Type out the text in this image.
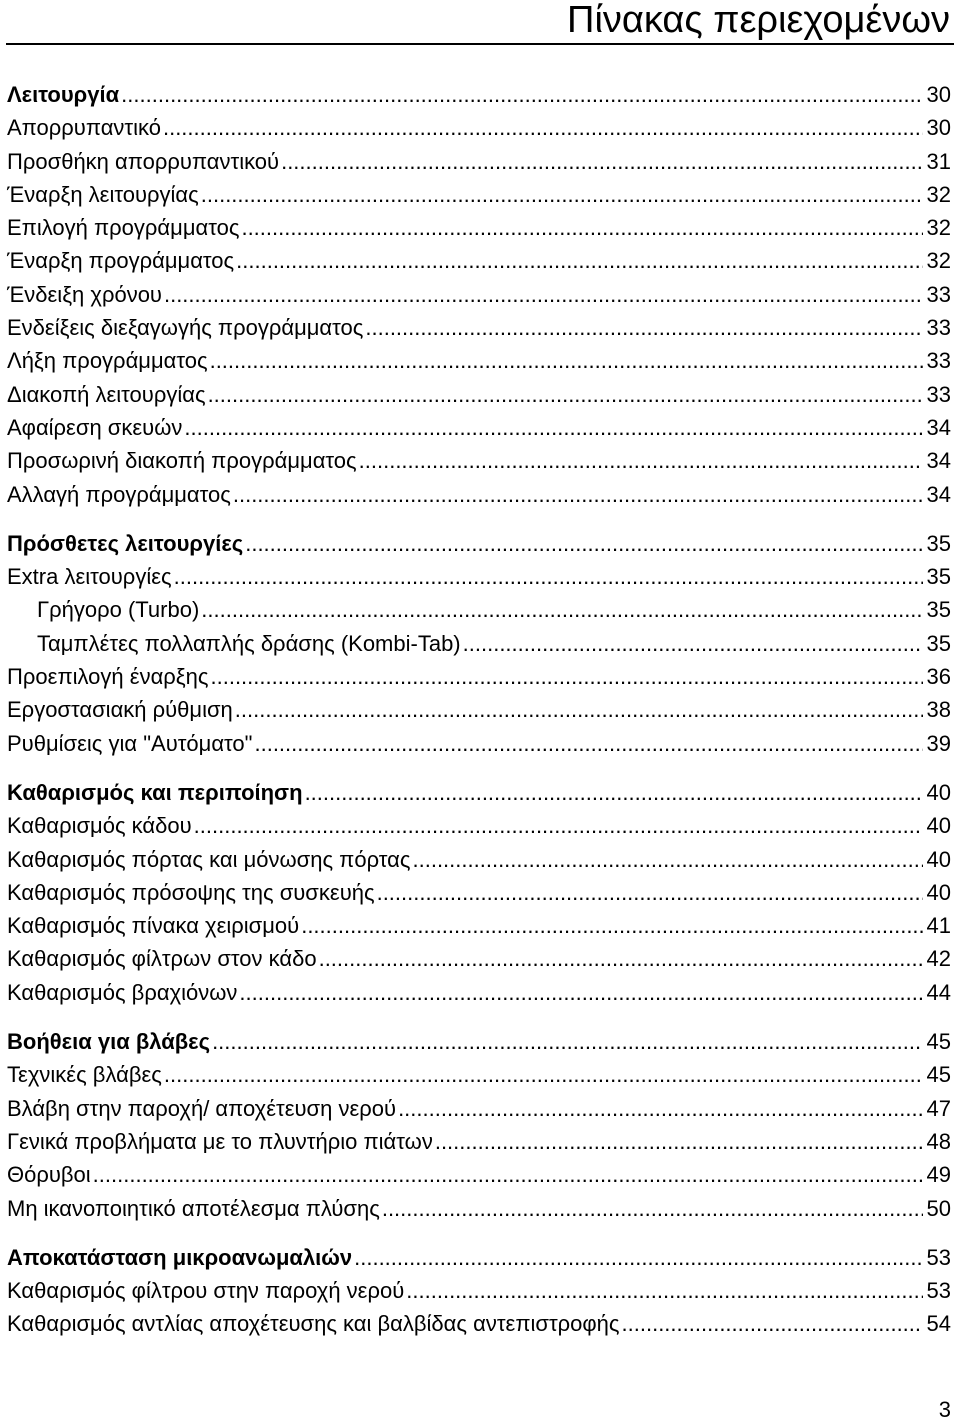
Πίνακας περιεχομένων
Λειτουργία .....	30
Απορρυπαντικό .....	30
Προσθήκη απορρυπαντικού .....	31
Έναρξη λειτουργίας .....	32
Επιλογή προγράμματος .....	32
Έναρξη προγράμματος .....	32
Ένδειξη χρόνου .....	33
Ενδείξεις διεξαγωγής προγράμματος .....	33
Λήξη προγράμματος .....	33
Διακοπή λειτουργίας .....	33
Αφαίρεση σκευών .....	34
Προσωρινή διακοπή προγράμματος .....	34
Αλλαγή προγράμματος .....	34
Πρόσθετες λειτουργίες .....	35
Extra λειτουργίες .....	35
Γρήγορο (Turbo) .....	35
Ταμπλέτες πολλαπλής δράσης (Kombi-Tab) .....	35
Προεπιλογή έναρξης .....	36
Εργοστασιακή ρύθμιση .....	38
Ρυθμίσεις για "Αυτόματο" .....	39
Καθαρισμός και περιποίηση .....	40
Καθαρισμός κάδου .....	40
Καθαρισμός πόρτας και μόνωσης πόρτας .....	40
Καθαρισμός πρόσοψης της συσκευής .....	40
Καθαρισμός πίνακα χειρισμού .....	41
Καθαρισμός φίλτρων στον κάδο .....	42
Καθαρισμός βραχιόνων .....	44
Βοήθεια για βλάβες .....	45
Τεχνικές βλάβες .....	45
Βλάβη στην παροχή/ αποχέτευση νερού .....	47
Γενικά προβλήματα με το πλυντήριο πιάτων .....	48
Θόρυβοι .....	49
Μη ικανοποιητικό αποτέλεσμα πλύσης .....	50
Αποκατάσταση μικροανωμαλιών .....	53
Καθαρισμός φίλτρου στην παροχή νερού .....	53
Καθαρισμός αντλίας αποχέτευσης και βαλβίδας αντεπιστροφής .....	54
3
